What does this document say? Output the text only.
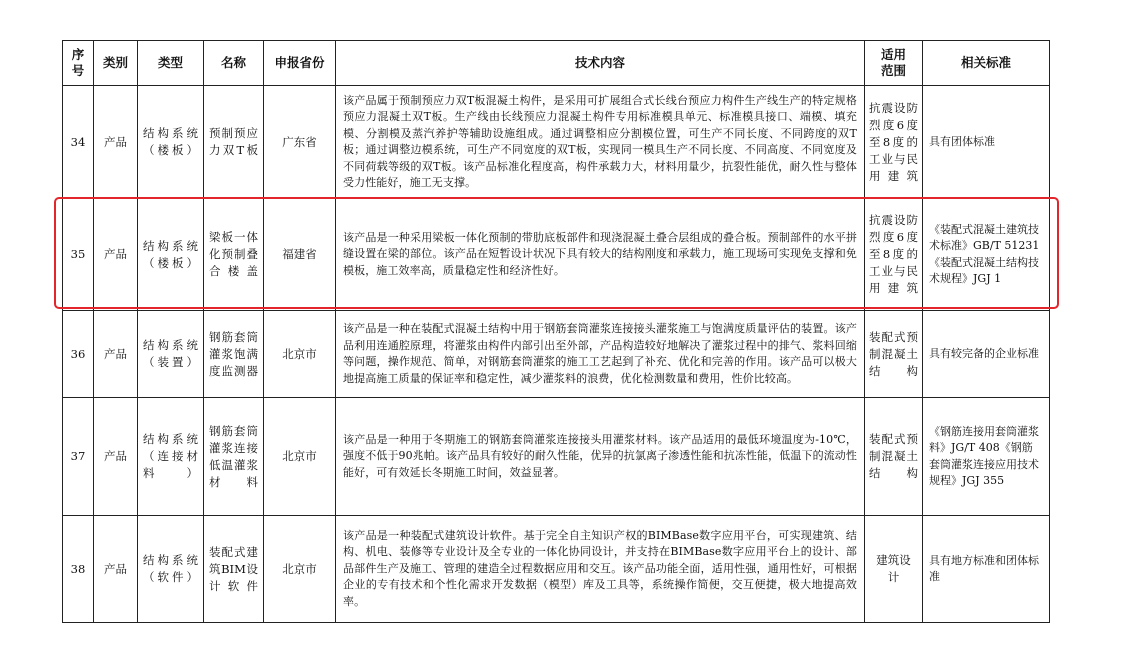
序号	类别	类型	名称	申报省份	技术内容	适用范围	相关标准
34	产品	结构系统（楼板）	预制预应力双T板	广东省	该产品属于预制预应力双T板混凝土构件，是采用可扩展组合式长线台预应力构件生产线生产的特定规格预应力混凝土双T板。生产线由长线预应力混凝土构件专用标准模具单元、标准模具接口、端模、填充模、分割模及蒸汽养护等辅助设施组成。通过调整相应分割模位置，可生产不同长度、不同跨度的双T板；通过调整边模系统，可生产不同宽度的双T板，实现同一模具生产不同长度、不同高度、不同宽度及不同荷载等级的双T板。该产品标准化程度高，构件承载力大，材料用量少，抗裂性能优，耐久性与整体受力性能好，施工无支撑。	抗震设防烈度6度至8度的工业与民用建筑	具有团体标准
35	产品	结构系统（楼板）	梁板一体化预制叠合楼盖	福建省	该产品是一种采用梁板一体化预制的带肋底板部件和现浇混凝土叠合层组成的叠合板。预制部件的水平拼缝设置在梁的部位。该产品在短暂设计状况下具有较大的结构刚度和承载力，施工现场可实现免支撑和免模板，施工效率高，质量稳定性和经济性好。	抗震设防烈度6度至8度的工业与民用建筑	《装配式混凝土建筑技术标准》GB/T 51231《装配式混凝土结构技术规程》JGJ 1
36	产品	结构系统（装置）	钢筋套筒灌浆饱满度监测器	北京市	该产品是一种在装配式混凝土结构中用于钢筋套筒灌浆连接接头灌浆施工与饱满度质量评估的装置。该产品利用连通腔原理，将灌浆由构件内部引出至外部，产品构造较好地解决了灌浆过程中的排气、浆料回缩等问题，操作规范、简单，对钢筋套筒灌浆的施工工艺起到了补充、优化和完善的作用。该产品可以极大地提高施工质量的保证率和稳定性，减少灌浆料的浪费，优化检测数量和费用，性价比较高。	装配式预制混凝土结构	具有较完备的企业标准
37	产品	结构系统（连接材料）	钢筋套筒灌浆连接低温灌浆材料	北京市	该产品是一种用于冬期施工的钢筋套筒灌浆连接接头用灌浆材料。该产品适用的最低环境温度为-10℃，强度不低于90兆帕。该产品具有较好的耐久性能，优异的抗氯离子渗透性能和抗冻性能，低温下的流动性能好，可有效延长冬期施工时间，效益显著。	装配式预制混凝土结构	《钢筋连接用套筒灌浆料》JG/T 408《钢筋套筒灌浆连接应用技术规程》JGJ 355
38	产品	结构系统（软件）	装配式建筑BIM设计软件	北京市	该产品是一种装配式建筑设计软件。基于完全自主知识产权的BIMBase数字应用平台，可实现建筑、结构、机电、装修等专业设计及全专业的一体化协同设计，并支持在BIMBase数字应用平台上的设计、部品部件生产及施工、管理的建造全过程数据应用和交互。该产品功能全面，适用性强，通用性好，可根据企业的专有技术和个性化需求开发数据（模型）库及工具等，系统操作简便，交互便捷，极大地提高效率。	建筑设计	具有地方标准和团体标准
